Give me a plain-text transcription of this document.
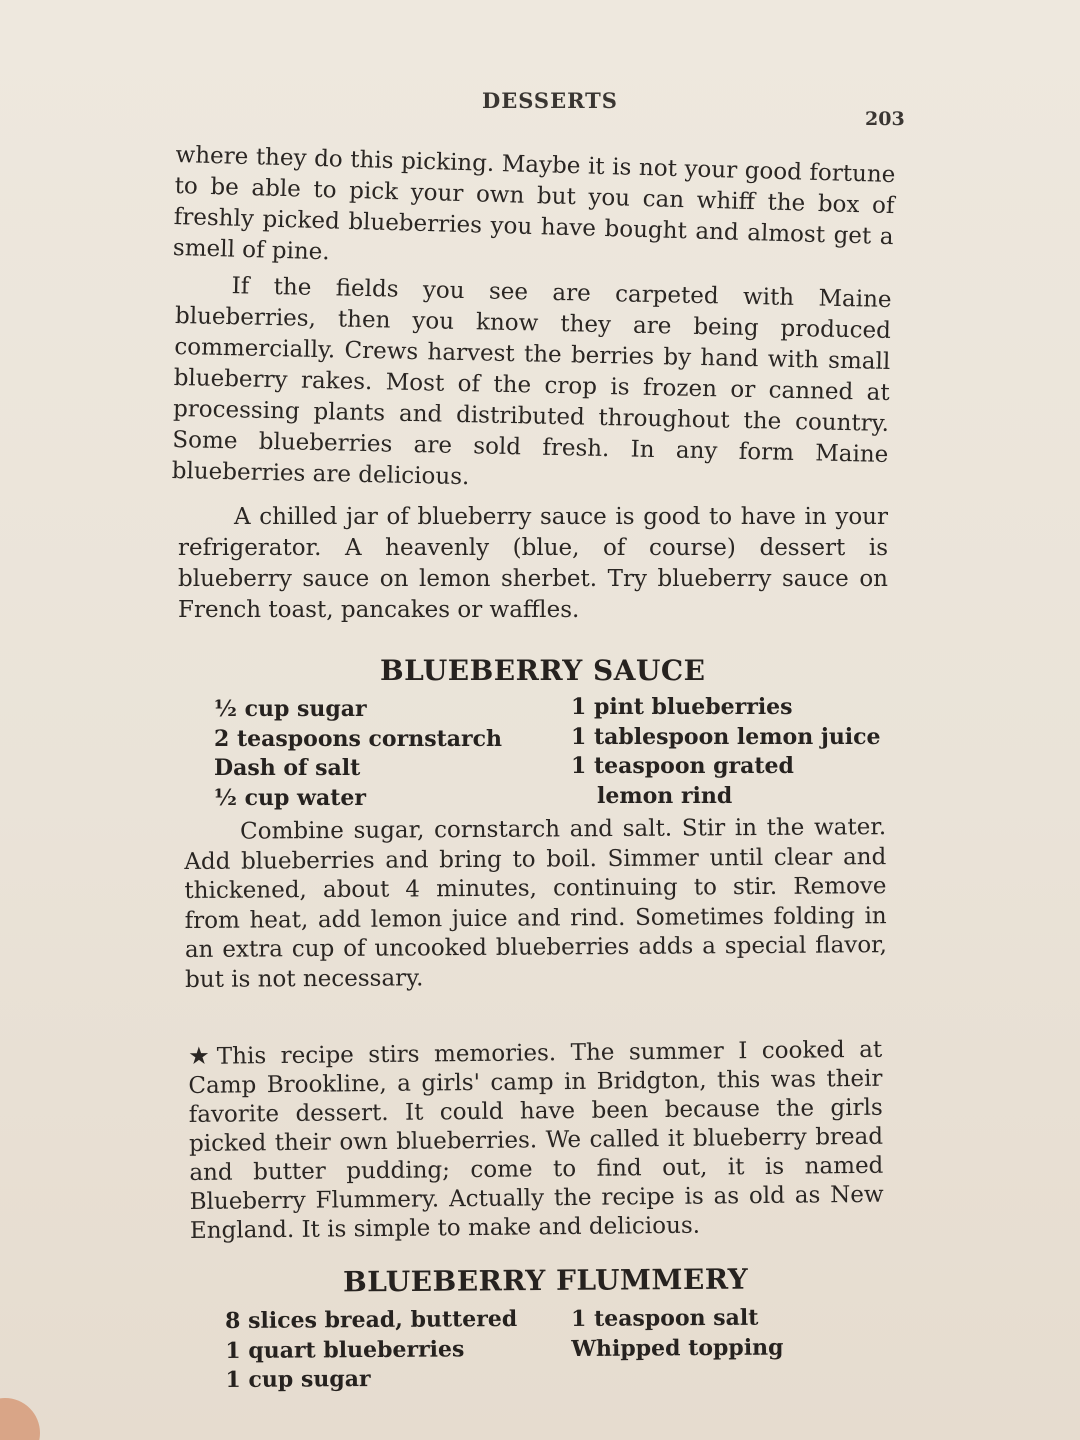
DESSERTS
203

where they do this picking. Maybe it is not your good fortune to be able to pick your own but you can whiff the box of freshly picked blueberries you have bought and almost get a smell of pine.

If the fields you see are carpeted with Maine blueberries, then you know they are being produced commercially. Crews harvest the berries by hand with small blueberry rakes. Most of the crop is frozen or canned at processing plants and distributed throughout the country. Some blueberries are sold fresh. In any form Maine blueberries are delicious.

A chilled jar of blueberry sauce is good to have in your refrigerator. A heavenly (blue, of course) dessert is blueberry sauce on lemon sherbet. Try blueberry sauce on French toast, pancakes or waffles.

BLUEBERRY SAUCE
½ cup sugar
2 teaspoons cornstarch
Dash of salt
½ cup water
1 pint blueberries
1 tablespoon lemon juice
1 teaspoon grated
lemon rind

Combine sugar, cornstarch and salt. Stir in the water. Add blueberries and bring to boil. Simmer until clear and thickened, about 4 minutes, continuing to stir. Remove from heat, add lemon juice and rind. Sometimes folding in an extra cup of uncooked blueberries adds a special flavor, but is not necessary.

★This recipe stirs memories. The summer I cooked at Camp Brookline, a girls' camp in Bridgton, this was their favorite dessert. It could have been because the girls picked their own blueberries. We called it blueberry bread and butter pudding; come to find out, it is named Blueberry Flummery. Actually the recipe is as old as New England. It is simple to make and delicious.

BLUEBERRY FLUMMERY
8 slices bread, buttered
1 quart blueberries
1 cup sugar
1 teaspoon salt
Whipped topping
